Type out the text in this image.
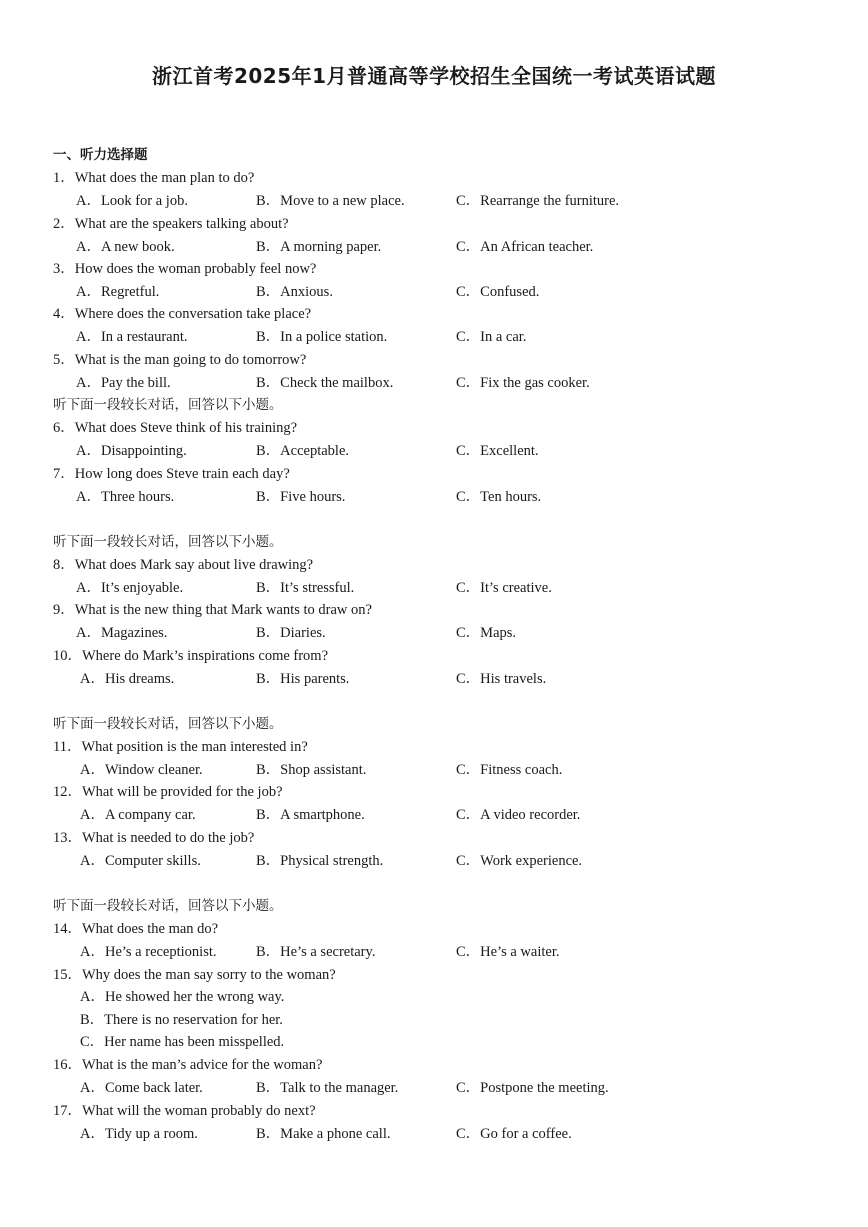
浙江首考2025年1月普通高等学校招生全国统一考试英语试题
一、听力选择题
听下面一段较长对话，回答以下小题。
听下面一段较长对话，回答以下小题。
听下面一段较长对话，回答以下小题。
听下面一段较长对话，回答以下小题。
1．What does the man plan to do?
A．Look for a job.	B．Move to a new place.	C．Rearrange the furniture.
2．What are the speakers talking about?
A．A new book.	B．A morning paper.	C．An African teacher.
3．How does the woman probably feel now?
A．Regretful.	B．Anxious.	C．Confused.
4．Where does the conversation take place?
A．In a restaurant.	B．In a police station.	C．In a car.
5．What is the man going to do tomorrow?
A．Pay the bill.	B．Check the mailbox.	C．Fix the gas cooker.
6．What does Steve think of his training?
A．Disappointing.	B．Acceptable.	C．Excellent.
7．How long does Steve train each day?
A．Three hours.	B．Five hours.	C．Ten hours.
8．What does Mark say about live drawing?
A．It’s enjoyable.	B．It’s stressful.	C．It’s creative.
9．What is the new thing that Mark wants to draw on?
A．Magazines.	B．Diaries.	C．Maps.
10．Where do Mark’s inspirations come from?
A．His dreams.	B．His parents.	C．His travels.
11．What position is the man interested in?
A．Window cleaner.	B．Shop assistant.	C．Fitness coach.
12．What will be provided for the job?
A．A company car.	B．A smartphone.	C．A video recorder.
13．What is needed to do the job?
A．Computer skills.	B．Physical strength.	C．Work experience.
14．What does the man do?
A．He’s a receptionist.	B．He’s a secretary.	C．He’s a waiter.
15．Why does the man say sorry to the woman?
A．He showed her the wrong way.
B．There is no reservation for her.
C．Her name has been misspelled.
16．What is the man’s advice for the woman?
A．Come back later.	B．Talk to the manager.	C．Postpone the meeting.
17．What will the woman probably do next?
A．Tidy up a room.	B．Make a phone call.	C．Go for a coffee.
